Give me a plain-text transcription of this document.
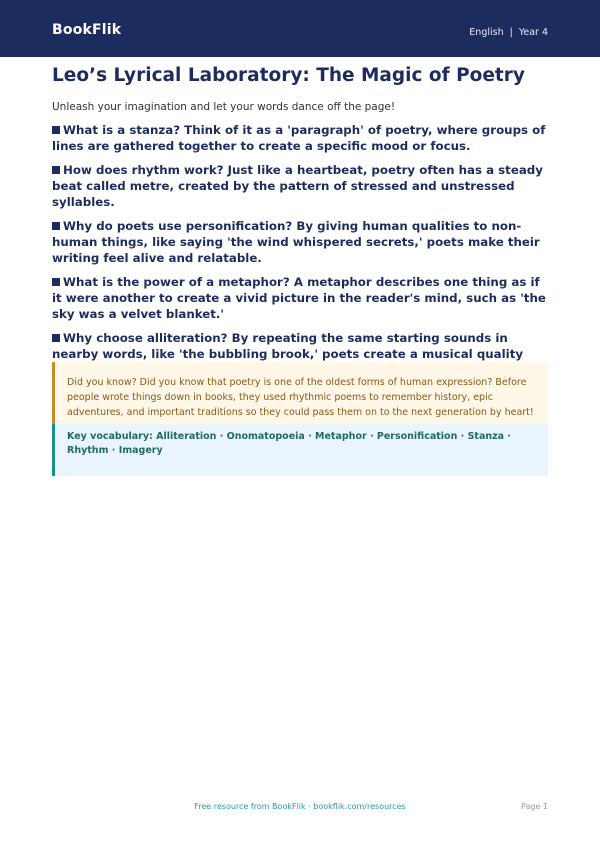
BookFlik	English | Year 4
Leo’s Lyrical Laboratory: The Magic of Poetry

Unleash your imagination and let your words dance off the page!

What is a stanza? Think of it as a 'paragraph' of poetry, where groups of lines are gathered together to create a specific mood or focus.
How does rhythm work? Just like a heartbeat, poetry often has a steady beat called metre, created by the pattern of stressed and unstressed syllables.
Why do poets use personification? By giving human qualities to non-human things, like saying 'the wind whispered secrets,' poets make their writing feel alive and relatable.
What is the power of a metaphor? A metaphor describes one thing as if it were another to create a vivid picture in the reader's mind, such as 'the sky was a velvet blanket.'
Why choose alliteration? By repeating the same starting sounds in nearby words, like 'the bubbling brook,' poets create a musical quality
Did you know? Did you know that poetry is one of the oldest forms of human expression? Before people wrote things down in books, they used rhythmic poems to remember history, epic adventures, and important traditions so they could pass them on to the next generation by heart!
Key vocabulary: Alliteration · Onomatopoeia · Metaphor · Personification · Stanza · Rhythm · Imagery
Free resource from BookFlik · bookflik.com/resources	Page 1
